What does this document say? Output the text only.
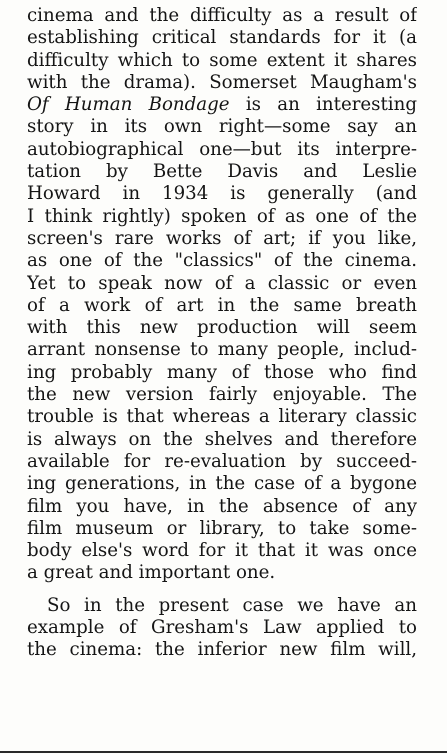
cinema and the difficulty as a result of
establishing critical standards for it (a
difficulty which to some extent it shares
with the drama). Somerset Maugham's
Of Human Bondage is an interesting
story in its own right—some say an
autobiographical one—but its interpre-
tation by Bette Davis and Leslie
Howard in 1934 is generally (and
I think rightly) spoken of as one of the
screen's rare works of art; if you like,
as one of the "classics" of the cinema.
Yet to speak now of a classic or even
of a work of art in the same breath
with this new production will seem
arrant nonsense to many people, includ-
ing probably many of those who find
the new version fairly enjoyable. The
trouble is that whereas a literary classic
is always on the shelves and therefore
available for re-evaluation by succeed-
ing generations, in the case of a bygone
film you have, in the absence of any
film museum or library, to take some-
body else's word for it that it was once
a great and important one.
So in the present case we have an
example of Gresham's Law applied to
the cinema: the inferior new film will,
